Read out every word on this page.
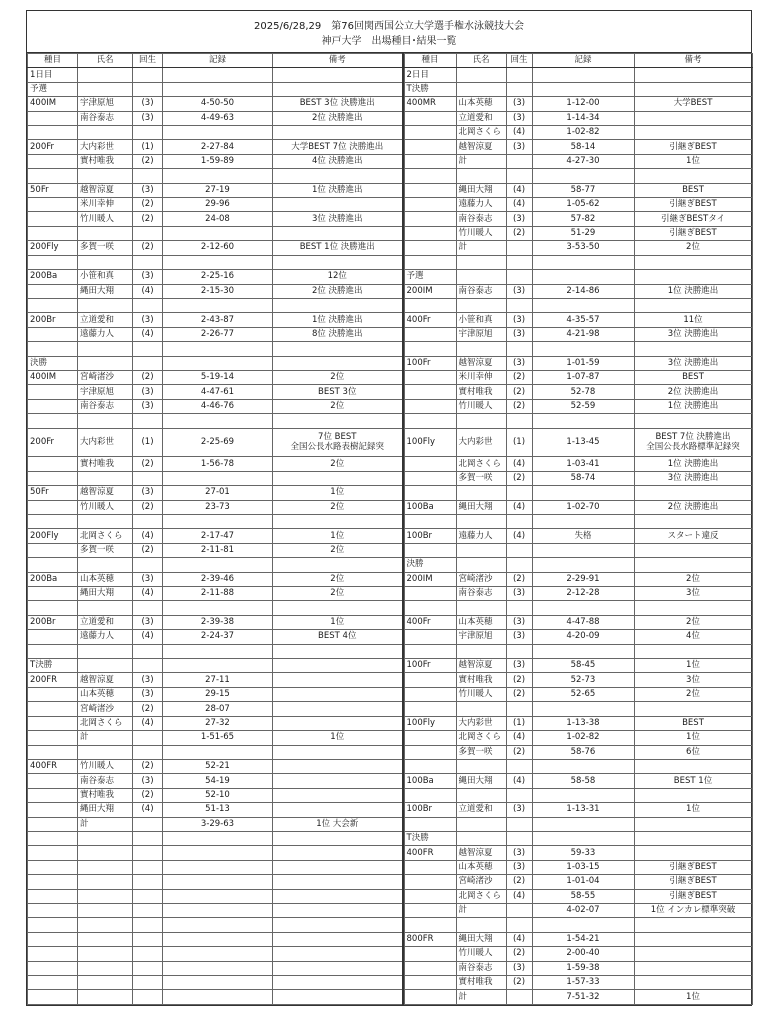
2025/6/28,29　第76回関西国公立大学選手権水泳競技大会
神戸大学　出場種目･結果一覧
種目	氏名	回生	記録	備考
1日目				
予選				
400IM	宇津原旭	(3)	4-50-50	BEST 3位 決勝進出
	南谷泰志	(3)	4-49-63	2位 決勝進出

200Fr	大内彩世	(1)	2-27-84	大学BEST 7位 決勝進出
	實村唯我	(2)	1-59-89	4位 決勝進出

50Fr	越智涼夏	(3)	27-19	1位 決勝進出
	米川幸伸	(2)	29-96	
	竹川暖人	(2)	24-08	3位 決勝進出

200Fly	多賀一咲	(2)	2-12-60	BEST 1位 決勝進出

200Ba	小笹和真	(3)	2-25-16	12位
	縄田大翔	(4)	2-15-30	2位 決勝進出

200Br	立道愛和	(3)	2-43-87	1位 決勝進出
	遠藤力人	(4)	2-26-77	8位 決勝進出

決勝				
400IM	宮崎渚沙	(2)	5-19-14	2位
	宇津原旭	(3)	4-47-61	BEST 3位
	南谷泰志	(3)	4-46-76	2位

200Fr	大内彩世	(1)	2-25-69	7位 BEST
全国公長水路表樹記録突

	實村唯我	(2)	1-56-78	2位

50Fr	越智涼夏	(3)	27-01	1位
	竹川暖人	(2)	23-73	2位

200Fly	北岡さくら	(4)	2-17-47	1位
	多賀一咲	(2)	2-11-81	2位

200Ba	山本英穂	(3)	2-39-46	2位
	縄田大翔	(4)	2-11-88	2位

200Br	立道愛和	(3)	2-39-38	1位
	遠藤力人	(4)	2-24-37	BEST 4位

T決勝				
200FR	越智涼夏	(3)	27-11	
	山本英穂	(3)	29-15	
	宮崎渚沙	(2)	28-07	
	北岡さくら	(4)	27-32	
	計		1-51-65	1位

400FR	竹川暖人	(2)	52-21	
	南谷泰志	(3)	54-19	
	實村唯我	(2)	52-10	
	縄田大翔	(4)	51-13	
	計		3-29-63	1位 大会新

種目	氏名	回生	記録	備考
2日目				
T決勝				
400MR	山本英穂	(3)	1-12-00	大学BEST
	立道愛和	(3)	1-14-34	
	北岡さくら	(4)	1-02-82	
	越智涼夏	(3)	58-14	引継ぎBEST
	計		4-27-30	1位

	縄田大翔	(4)	58-77	BEST
	遠藤力人	(4)	1-05-62	引継ぎBEST
	南谷泰志	(3)	57-82	引継ぎBESTタイ
	竹川暖人	(2)	51-29	引継ぎBEST
	計		3-53-50	2位

予選				
200IM	南谷泰志	(3)	2-14-86	1位 決勝進出

400Fr	小笹和真	(3)	4-35-57	11位
	宇津原旭	(3)	4-21-98	3位 決勝進出

100Fr	越智涼夏	(3)	1-01-59	3位 決勝進出
	米川幸伸	(2)	1-07-87	BEST
	實村唯我	(2)	52-78	2位 決勝進出
	竹川暖人	(2)	52-59	1位 決勝進出

100Fly	大内彩世	(1)	1-13-45	BEST 7位 決勝進出
全国公長水路標準記録突

	北岡さくら	(4)	1-03-41	1位 決勝進出
	多賀一咲	(2)	58-74	3位 決勝進出

100Ba	縄田大翔	(4)	1-02-70	2位 決勝進出

100Br	遠藤力人	(4)	失格	スタート違反

決勝				
200IM	宮崎渚沙	(2)	2-29-91	2位
	南谷泰志	(3)	2-12-28	3位

400Fr	山本英穂	(3)	4-47-88	2位
	宇津原旭	(3)	4-20-09	4位

100Fr	越智涼夏	(3)	58-45	1位
	實村唯我	(2)	52-73	3位
	竹川暖人	(2)	52-65	2位

100Fly	大内彩世	(1)	1-13-38	BEST
	北岡さくら	(4)	1-02-82	1位
	多賀一咲	(2)	58-76	6位

100Ba	縄田大翔	(4)	58-58	BEST 1位

100Br	立道愛和	(3)	1-13-31	1位

T決勝				
400FR	越智涼夏	(3)	59-33	
	山本英穂	(3)	1-03-15	引継ぎBEST
	宮崎渚沙	(2)	1-01-04	引継ぎBEST
	北岡さくら	(4)	58-55	引継ぎBEST
	計		4-02-07	1位 インカレ標準突破

800FR	縄田大翔	(4)	1-54-21	
	竹川暖人	(2)	2-00-40	
	南谷泰志	(3)	1-59-38	
	實村唯我	(2)	1-57-33	
	計		7-51-32	1位
